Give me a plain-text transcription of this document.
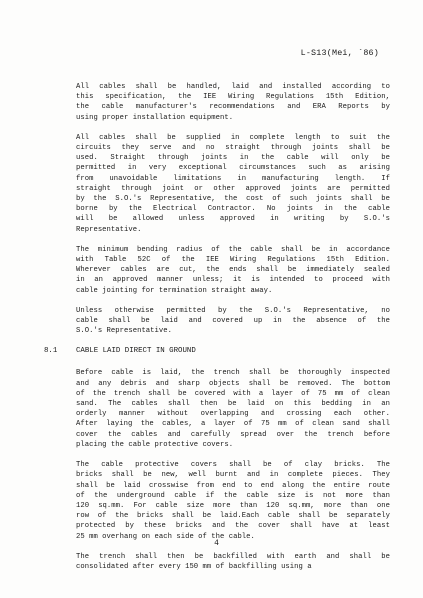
L-S13(Mei, `86)
All cables shall be handled, laid and installed according to
this specification, the IEE Wiring Regulations 15th Edition,
the cable manufacturer's recommendations and ERA Reports by
using proper installation equipment.
All cables shall be supplied in complete length to suit the
circuits they serve and no straight through joints shall be
used. Straight through joints in the cable will only be
permitted in very exceptional circumstances such as arising
from unavoidable limitations in manufacturing length. If
straight through joint or other approved joints are permitted
by the S.O.'s Representative, the cost of such joints shall be
borne by the Electrical Contractor. No joints in the cable
will be allowed unless approved in writing by S.O.'s
Representative.
The minimum bending radius of the cable shall be in accordance
with Table 52C of the IEE Wiring Regulations 15th Edition.
Wherever cables are cut, the ends shall be immediately sealed
in an approved manner unless; it is intended to proceed with
cable jointing for termination straight away.
Unless otherwise permitted by the S.O.'s Representative, no
cable shall be laid and covered up in the absence of the
S.O.'s Representative.
8.1	CABLE LAID DIRECT IN GROUND
Before cable is laid, the trench shall be thoroughly inspected
and any debris and sharp objects shall be removed. The bottom
of the trench shall be covered with a layer of 75 mm of clean
sand. The cables shall then be laid on this bedding in an
orderly manner without overlapping and crossing each other.
After laying the cables, a layer of 75 mm of clean sand shall
cover the cables and carefully spread over the trench before
placing the cable protective covers.
The cable protective covers shall be of clay bricks. The
bricks shall be new, well burnt and in complete pieces. They
shall be laid crosswise from end to end along the entire route
of the underground cable if the cable size is not more than
120 sq.mm. For cable size more than 120 sq.mm, more than one
row of the bricks shall be laid.Each cable shall be separately
protected by these bricks and the cover shall have at least
25 mm overhang on each side of the cable.
The trench shall then be backfilled with earth and shall be
consolidated after every 150 mm of backfilling using a
4
